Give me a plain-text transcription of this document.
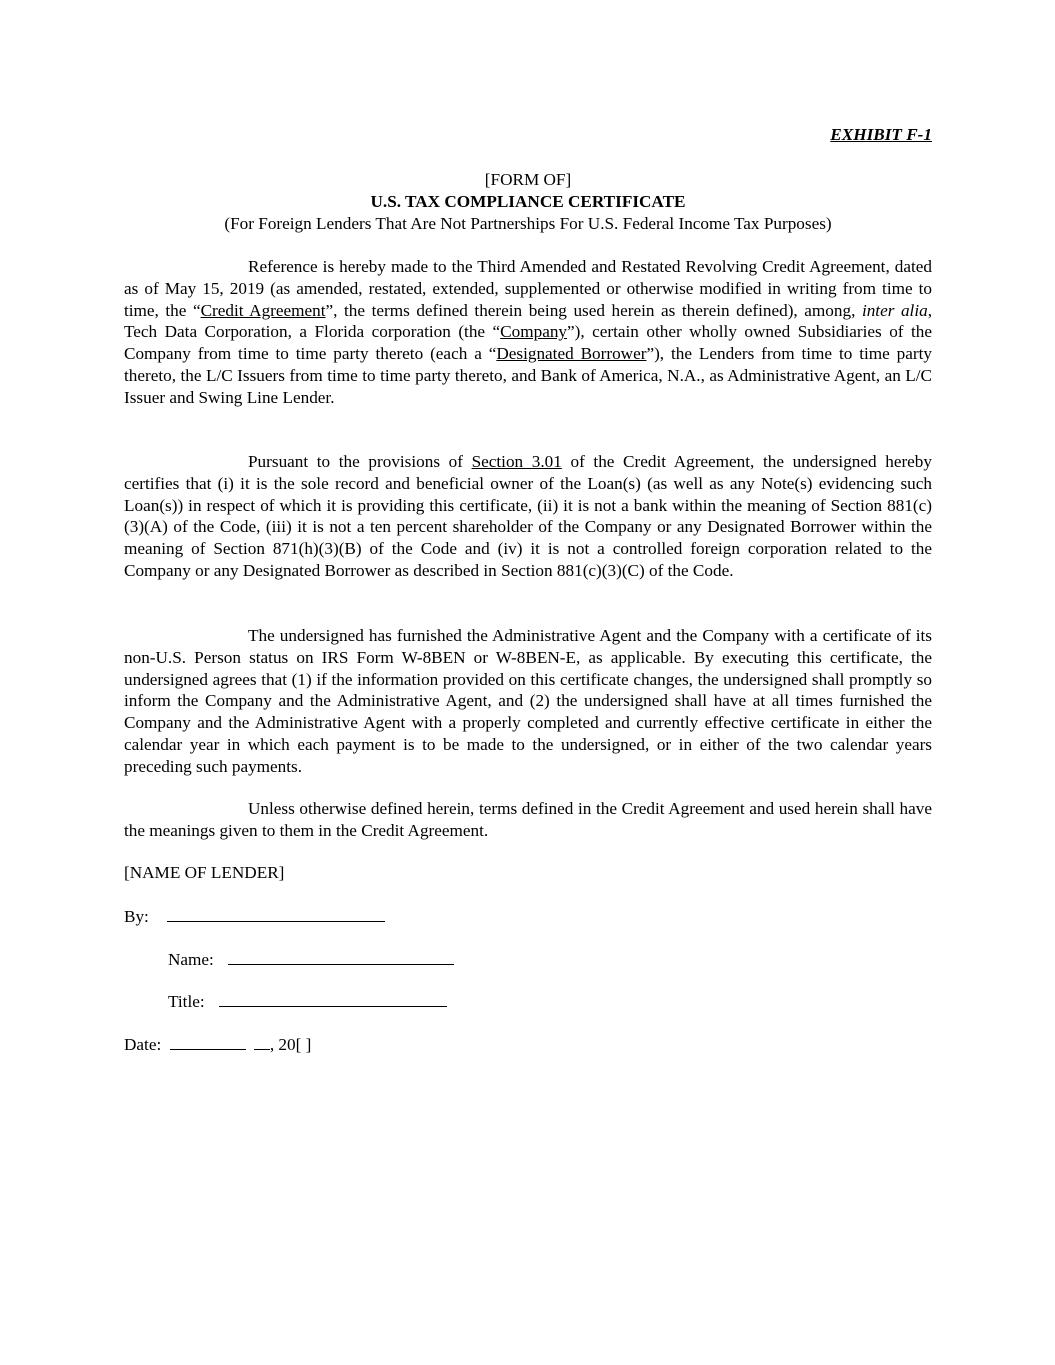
EXHIBIT F-1
[FORM OF]
U.S. TAX COMPLIANCE CERTIFICATE
(For Foreign Lenders That Are Not Partnerships For U.S. Federal Income Tax Purposes)

Reference is hereby made to the Third Amended and Restated Revolving Credit Agreement, dated as of May 15, 2019 (as amended, restated, extended, supplemented or otherwise modified in writing from time to time, the “Credit Agreement”, the terms defined therein being used herein as therein defined), among, inter alia, Tech Data Corporation, a Florida corporation (the “Company”), certain other wholly owned Subsidiaries of the Company from time to time party thereto (each a “Designated Borrower”), the Lenders from time to time party thereto, the L/C Issuers from time to time party thereto, and Bank of America, N.A., as Administrative Agent, an L/C Issuer and Swing Line Lender.

Pursuant to the provisions of Section 3.01 of the Credit Agreement, the undersigned hereby certifies that (i) it is the sole record and beneficial owner of the Loan(s) (as well as any Note(s) evidencing such Loan(s)) in respect of which it is providing this certificate, (ii) it is not a bank within the meaning of Section 881(c)(3)(A) of the Code, (iii) it is not a ten percent shareholder of the Company or any Designated Borrower within the meaning of Section 871(h)(3)(B) of the Code and (iv) it is not a controlled foreign corporation related to the Company or any Designated Borrower as described in Section 881(c)(3)(C) of the Code.

The undersigned has furnished the Administrative Agent and the Company with a certificate of its non-U.S. Person status on IRS Form W-8BEN or W-8BEN-E, as applicable. By executing this certificate, the undersigned agrees that (1) if the information provided on this certificate changes, the undersigned shall promptly so inform the Company and the Administrative Agent, and (2) the undersigned shall have at all times furnished the Company and the Administrative Agent with a properly completed and currently effective certificate in either the calendar year in which each payment is to be made to the undersigned, or in either of the two calendar years preceding such payments.

Unless otherwise defined herein, terms defined in the Credit Agreement and used herein shall have the meanings given to them in the Credit Agreement.

[NAME OF LENDER]
By:
Name:
Title:
Date:	, 20[ ]
